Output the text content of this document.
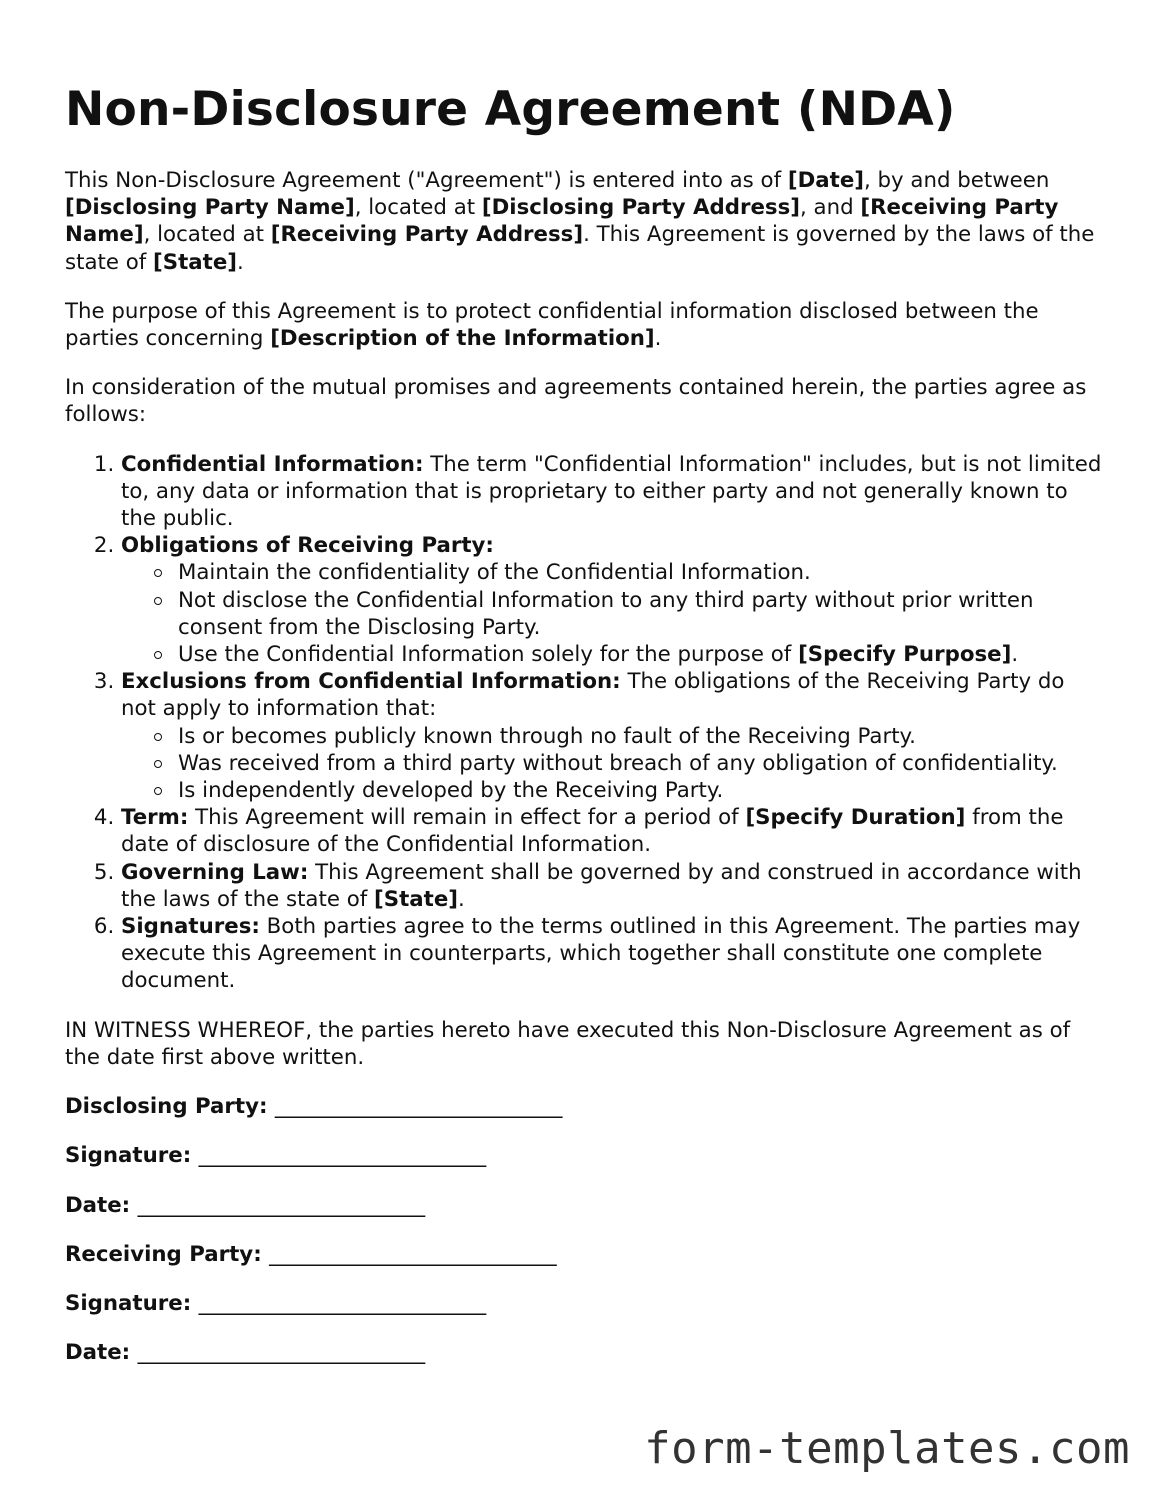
Non-Disclosure Agreement (NDA)

This Non-Disclosure Agreement ("Agreement") is entered into as of [Date], by and between [Disclosing Party Name], located at [Disclosing Party Address], and [Receiving Party Name], located at [Receiving Party Address]. This Agreement is governed by the laws of the state of [State].

The purpose of this Agreement is to protect confidential information disclosed between the parties concerning [Description of the Information].

In consideration of the mutual promises and agreements contained herein, the parties agree as follows:

1. Confidential Information: The term "Confidential Information" includes, but is not limited to, any data or information that is proprietary to either party and not generally known to the public.
2. Obligations of Receiving Party:
Maintain the confidentiality of the Confidential Information.
Not disclose the Confidential Information to any third party without prior written consent from the Disclosing Party.
Use the Confidential Information solely for the purpose of [Specify Purpose].
3. Exclusions from Confidential Information: The obligations of the Receiving Party do not apply to information that:
Is or becomes publicly known through no fault of the Receiving Party.
Was received from a third party without breach of any obligation of confidentiality.
Is independently developed by the Receiving Party.
4. Term: This Agreement will remain in effect for a period of [Specify Duration] from the date of disclosure of the Confidential Information.
5. Governing Law: This Agreement shall be governed by and construed in accordance with the laws of the state of [State].
6. Signatures: Both parties agree to the terms outlined in this Agreement. The parties may execute this Agreement in counterparts, which together shall constitute one complete document.

IN WITNESS WHEREOF, the parties hereto have executed this Non-Disclosure Agreement as of the date first above written.

Disclosing Party: ___________________________
Signature: ___________________________
Date: ___________________________
Receiving Party: ___________________________
Signature: ___________________________
Date: ___________________________
form-templates.com
